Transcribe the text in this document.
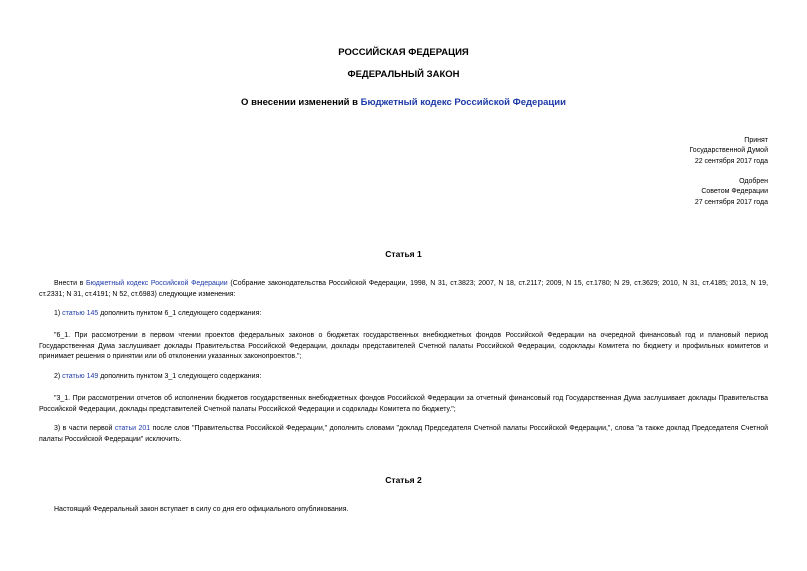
РОССИЙСКАЯ ФЕДЕРАЦИЯ
ФЕДЕРАЛЬНЫЙ ЗАКОН
О внесении изменений в Бюджетный кодекс Российской Федерации
Принят
Государственной Думой
22 сентября 2017 года
Одобрен
Советом Федерации
27 сентября 2017 года
Статья 1
Внести в Бюджетный кодекс Российской Федерации (Собрание законодательства Российской Федерации, 1998, N 31, ст.3823; 2007, N 18, ст.2117; 2009, N 15, ст.1780; N 29, ст.3629; 2010, N 31, ст.4185; 2013, N 19, ст.2331; N 31, ст.4191; N 52, ст.6983) следующие изменения:
1) статью 145 дополнить пунктом 6_1 следующего содержания:
"6_1. При рассмотрении в первом чтении проектов федеральных законов о бюджетах государственных внебюджетных фондов Российской Федерации на очередной финансовый год и плановый период Государственная Дума заслушивает доклады Правительства Российской Федерации, доклады представителей Счетной палаты Российской Федерации, содоклады Комитета по бюджету и профильных комитетов и принимает решения о принятии или об отклонении указанных законопроектов.";
2) статью 149 дополнить пунктом 3_1 следующего содержания:
"3_1. При рассмотрении отчетов об исполнении бюджетов государственных внебюджетных фондов Российской Федерации за отчетный финансовый год Государственная Дума заслушивает доклады Правительства Российской Федерации, доклады представителей Счетной палаты Российской Федерации и содоклады Комитета по бюджету.";
3) в части первой статьи 201 после слов "Правительства Российской Федерации," дополнить словами "доклад Председателя Счетной палаты Российской Федерации,", слова "а также доклад Председателя Счетной палаты Российской Федерации" исключить.
Статья 2
Настоящий Федеральный закон вступает в силу со дня его официального опубликования.
